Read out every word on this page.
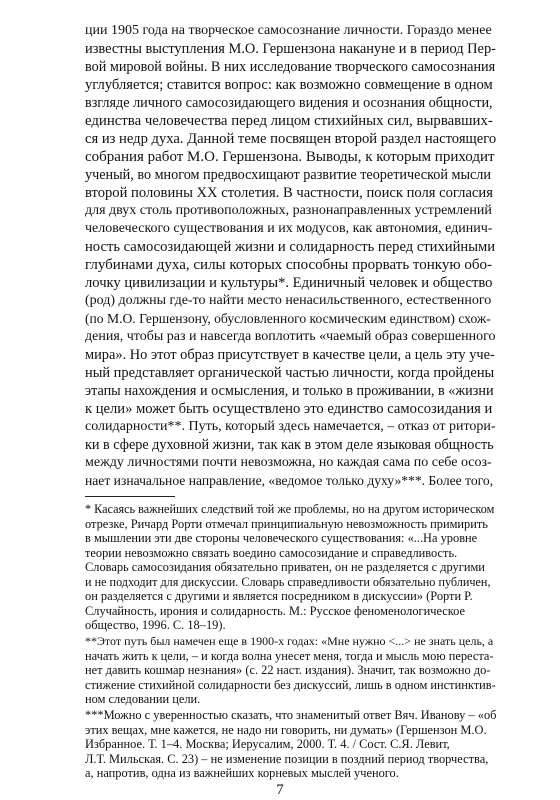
ции 1905 года на творческое самосознание личности. Гораздо менее
известны выступления М.О. Гершензона накануне и в период Пер-
вой мировой войны. В них исследование творческого самосознания
углубляется; ставится вопрос: как возможно совмещение в одном
взгляде личного самосозидающего видения и осознания общности,
единства человечества перед лицом стихийных сил, вырвавших-
ся из недр духа. Данной теме посвящен второй раздел настоящего
собрания работ М.О. Гершензона. Выводы, к которым приходит
ученый, во многом предвосхищают развитие теоретической мысли
второй половины XX столетия. В частности, поиск поля согласия
для двух столь противоположных, разнонаправленных устремлений
человеческого существования и их модусов, как автономия, единич-
ность самосозидающей жизни и солидарность перед стихийными
глубинами духа, силы которых способны прорвать тонкую обо-
лочку цивилизации и культуры*. Единичный человек и общество
(род) должны где-то найти место ненасильственного, естественного
(по М.О. Гершензону, обусловленного космическим единством) схож-
дения, чтобы раз и навсегда воплотить «чаемый образ совершенного
мира». Но этот образ присутствует в качестве цели, а цель эту уче-
ный представляет органической частью личности, когда пройдены
этапы нахождения и осмысления, и только в проживании, в «жизни
к цели» может быть осуществлено это единство самосозидания и
солидарности**. Путь, который здесь намечается, – отказ от ритори-
ки в сфере духовной жизни, так как в этом деле языковая общность
между личностями почти невозможна, но каждая сама по себе осоз-
нает изначальное направление, «ведомое только духу»***. Более того,
* Касаясь важнейших следствий той же проблемы, но на другом историческом
отрезке, Ричард Рорти отмечал принципиальную невозможность примирить
в мышлении эти две стороны человеческого существования: «...На уровне
теории невозможно связать воедино самосозидание и справедливость.
Словарь самосозидания обязательно приватен, он не разделяется с другими
и не подходит для дискуссии. Словарь справедливости обязательно публичен,
он разделяется с другими и является посредником в дискуссии» (Рорти Р.
Случайность, ирония и солидарность. М.: Русское феноменологическое
общество, 1996. С. 18–19).
**Этот путь был намечен еще в 1900-х годах: «Мне нужно <...> не знать цель, а
начать жить к цели, – и когда волна унесет меня, тогда и мысль мою переста-
нет давить кошмар незнания» (с. 22 наст. издания). Значит, так возможно до-
стижение стихийной солидарности без дискуссий, лишь в одном инстинктив-
ном следовании цели.
***Можно с уверенностью сказать, что знаменитый ответ Вяч. Иванову – «об
этих вещах, мне кажется, не надо ни говорить, ни думать» (Гершензон М.О.
Избранное. Т. 1–4. Москва; Иерусалим, 2000. Т. 4. / Сост. С.Я. Левит,
Л.Т. Мильская. С. 23) – не изменение позиции в поздний период творчества,
а, напротив, одна из важнейших корневых мыслей ученого.
7
